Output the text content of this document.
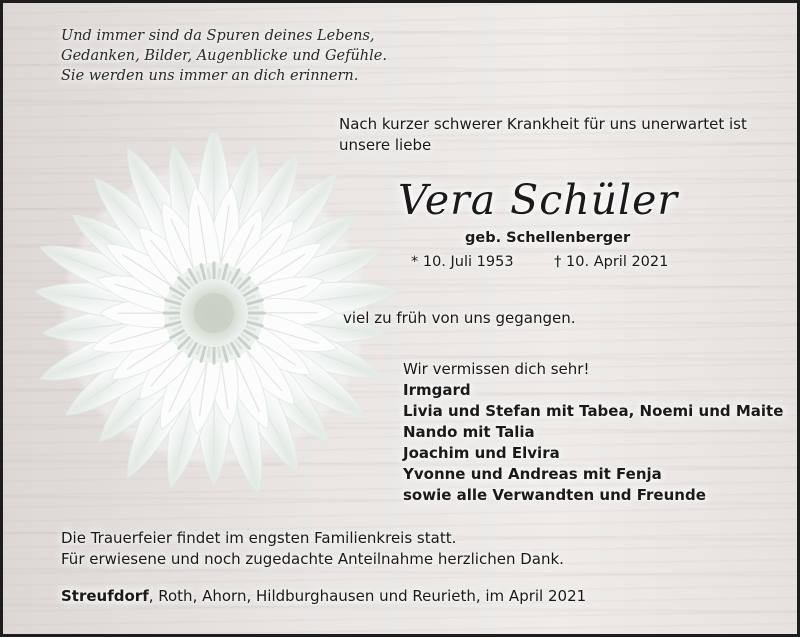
Und immer sind da Spuren deines Lebens,
Gedanken, Bilder, Augenblicke und Gefühle.
Sie werden uns immer an dich erinnern.
Nach kurzer schwerer Krankheit für uns unerwartet ist
unsere liebe
Vera Schüler
geb. Schellenberger
* 10. Juli 1953	† 10. April 2021
viel zu früh von uns gegangen.
Wir vermissen dich sehr!
Irmgard
Livia und Stefan mit Tabea, Noemi und Maite
Nando mit Talia
Joachim und Elvira
Yvonne und Andreas mit Fenja
sowie alle Verwandten und Freunde
Die Trauerfeier findet im engsten Familienkreis statt.
Für erwiesene und noch zugedachte Anteilnahme herzlichen Dank.
Streufdorf, Roth, Ahorn, Hildburghausen und Reurieth, im April 2021
